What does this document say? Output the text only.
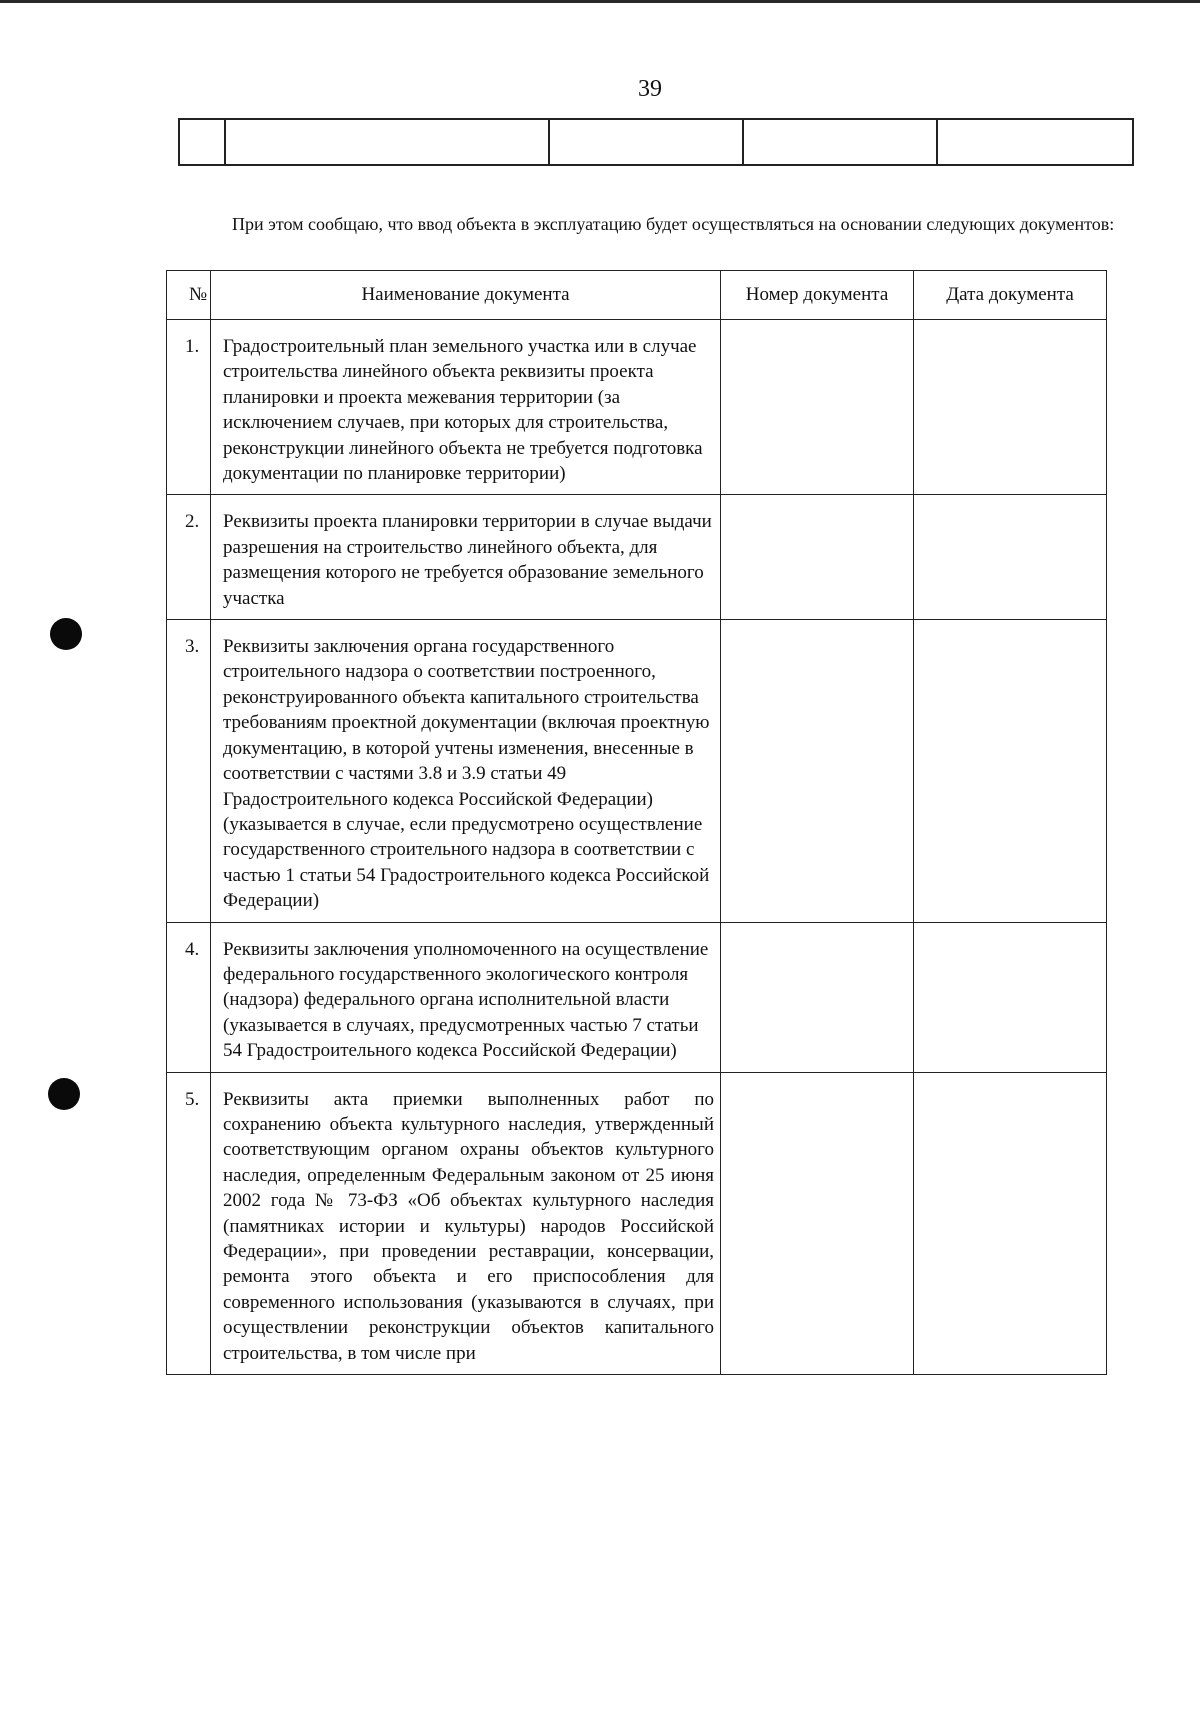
39

При этом сообщаю, что ввод объекта в эксплуатацию будет осуществляться на основании следующих документов:

№	Наименование документа	Номер документа	Дата документа
1.	Градостроительный план земельного участка или в случае строительства линейного объекта реквизиты проекта планировки и проекта межевания территории (за исключением случаев, при которых для строительства, реконструкции линейного объекта не требуется подготовка документации по планировке территории)		
2.	Реквизиты проекта планировки территории в случае выдачи разрешения на строительство линейного объекта, для размещения которого не требуется образование земельного участка		
3.	Реквизиты заключения органа государственного строительного надзора о соответствии построенного, реконструированного объекта капитального строительства требованиям проектной документации (включая проектную документацию, в которой учтены изменения, внесенные в соответствии с частями 3.8 и 3.9 статьи 49 Градостроительного кодекса Российской Федерации) (указывается в случае, если предусмотрено осуществление государственного строительного надзора в соответствии с частью 1 статьи 54 Градостроительного кодекса Российской Федерации)		
4.	Реквизиты заключения уполномоченного на осуществление федерального государственного экологического контроля (надзора) федерального органа исполнительной власти (указывается в случаях, предусмотренных частью 7 статьи 54 Градостроительного кодекса Российской Федерации)		
5.	Реквизиты акта приемки выполненных работ по сохранению объекта культурного наследия, утвержденный соответствующим органом охраны объектов культурного наследия, определенным Федеральным законом от 25 июня 2002 года № 73-ФЗ «Об объектах культурного наследия (памятниках истории и культуры) народов Российской Федерации», при проведении реставрации, консервации, ремонта этого объекта и его приспособления для современного использования (указываются в случаях, при осуществлении реконструкции объектов капитального строительства, в том числе при		
